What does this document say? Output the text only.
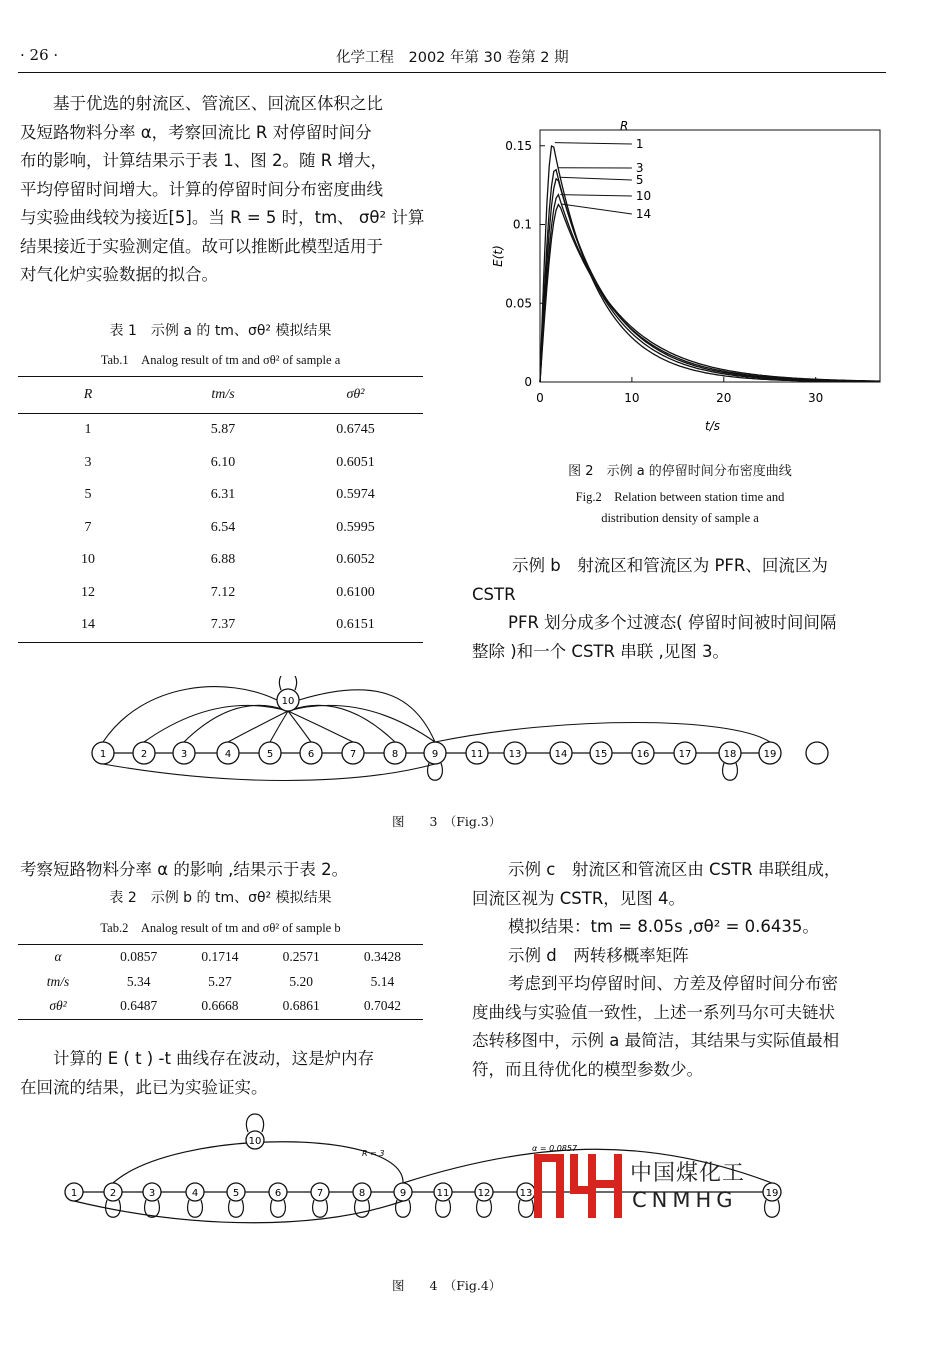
· 26 ·	化学工程　2002 年第 30 卷第 2 期

基于优选的射流区、管流区、回流区体积之比

及短路物料分率 α，考察回流比 R 对停留时间分

布的影响，计算结果示于表 1、图 2。随 R 增大，

平均停留时间增大。计算的停留时间分布密度曲线

与实验曲线较为接近[5]。当 R = 5 时，tm、 σθ² 计算

结果接近于实验测定值。故可以推断此模型适用于

对气化炉实验数据的拟合。

表 1　示例 a 的 tm、σθ² 模拟结果
Tab.1　Analog result of tm and σθ² of sample a
R	tm/s	σθ²
1	5.87	0.6745
3	6.10	0.6051
5	6.31	0.5974
7	6.54	0.5995
10	6.88	0.6052
12	7.12	0.6100
14	7.37	0.6151
0	10	20	30
0
0.05
0.1
0.15
t/s
E(t)
R
1
3
5
10
14
图 2　示例 a 的停留时间分布密度曲线
Fig.2　Relation between station time and
distribution density of sample a

示例 b　射流区和管流区为 PFR、回流区为

CSTR

PFR 划分成多个过渡态( 停留时间被时间间隔

整除 )和一个 CSTR 串联 ,见图 3。

10
1	2	3	4	5	6	7	8	9	11	13	14	15	16	17	18	19
图　　3　（Fig.3）
考察短路物料分率 α 的影响 ,结果示于表 2。
表 2　示例 b 的 tm、σθ² 模拟结果
Tab.2　Analog result of tm and σθ² of sample b
α	0.0857	0.1714	0.2571	0.3428
tm/s	5.34	5.27	5.20	5.14
σθ²	0.6487	0.6668	0.6861	0.7042

计算的 E ( t ) -t 曲线存在波动，这是炉内存

在回流的结果，此已为实验证实。

示例 c　射流区和管流区由 CSTR 串联组成，

回流区视为 CSTR，见图 4。

模拟结果：tm = 8.05s ,σθ² = 0.6435。

示例 d　两转移概率矩阵

考虑到平均停留时间、方差及停留时间分布密

度曲线与实验值一致性，上述一系列马尔可夫链状

态转移图中，示例 a 最简洁，其结果与实际值最相

符，而且待优化的模型参数少。

10
1	2	3	4	5	6	7	8	9	11	12	13	19
R = 3
α = 0.0857
图　　4　（Fig.4）
中国煤化工
CNMHG
